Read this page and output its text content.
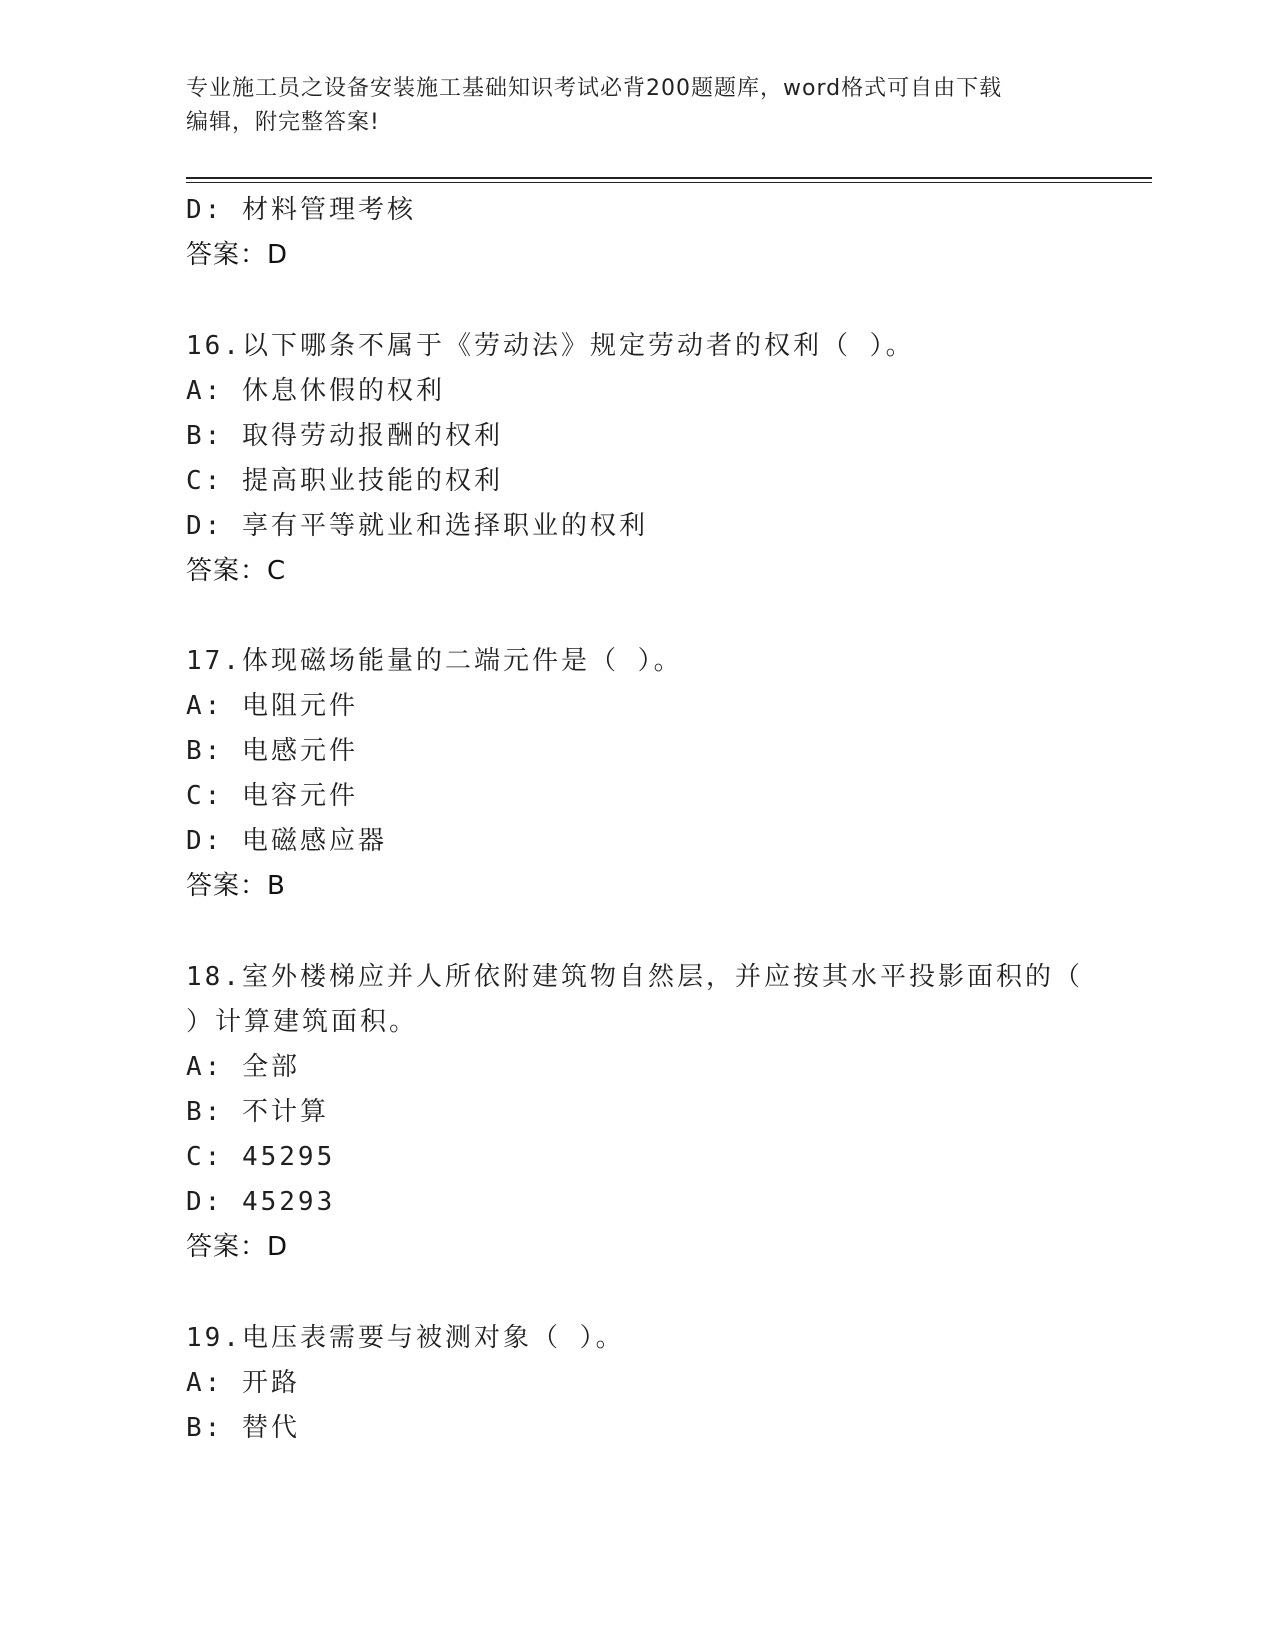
专业施工员之设备安装施工基础知识考试必背200题题库，word格式可自由下载
编辑，附完整答案!
D: 材料管理考核
答案：D
16.以下哪条不属于《劳动法》规定劳动者的权利（ ）。
A: 休息休假的权利
B: 取得劳动报酬的权利
C: 提高职业技能的权利
D: 享有平等就业和选择职业的权利
答案：C
17.体现磁场能量的二端元件是（ ）。
A: 电阻元件
B: 电感元件
C: 电容元件
D: 电磁感应器
答案：B
18.室外楼梯应并人所依附建筑物自然层，并应按其水平投影面积的（
）计算建筑面积。
A: 全部
B: 不计算
C: 45295
D: 45293
答案：D
19.电压表需要与被测对象（ ）。
A: 开路
B: 替代
